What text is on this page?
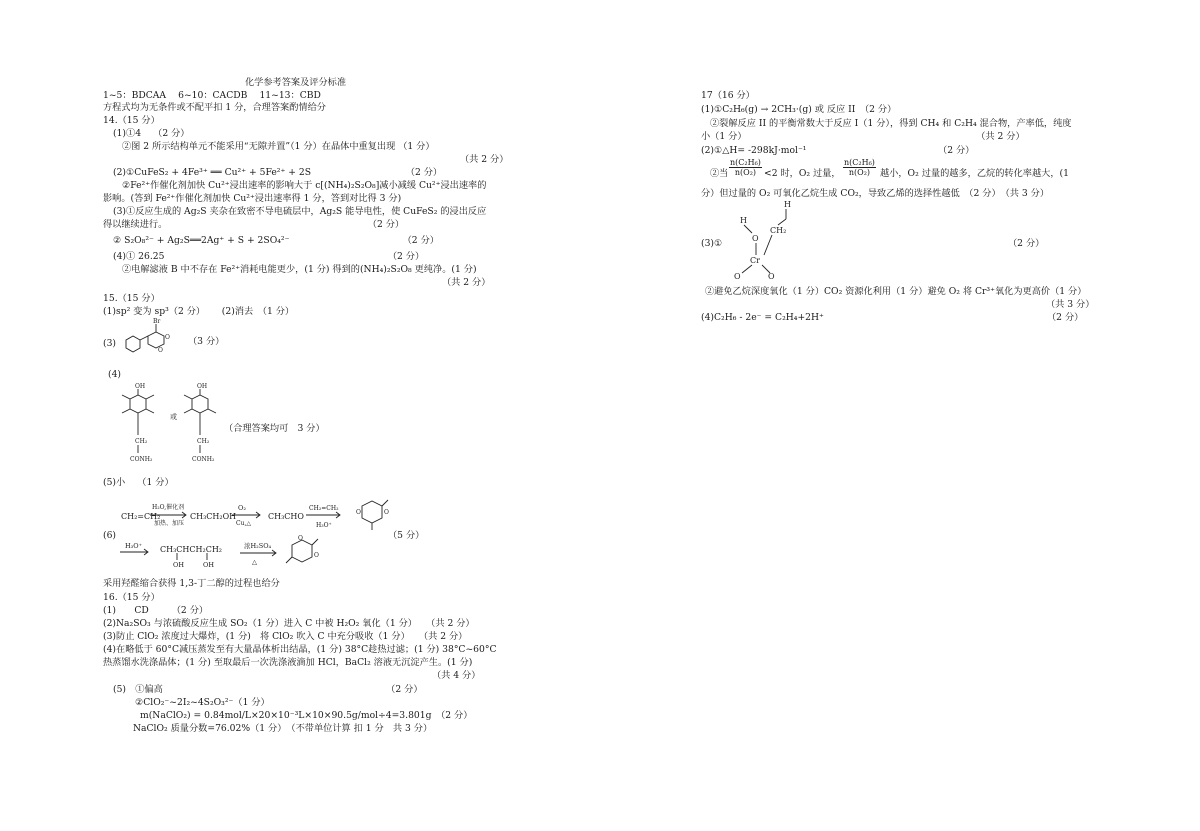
化学参考答案及评分标准
1~5：BDCAA　 6~10：CACDB　 11~13：CBD
方程式均为无条件或不配平扣 1 分，合理答案酌情给分
14.（15 分）
(1)①4　 （2 分）
②图 2 所示结构单元不能采用“无隙并置”（1 分）在晶体中重复出现 （1 分）
（共 2 分）
(2)①CuFeS₂ + 4Fe³⁺ ══ Cu²⁺ + 5Fe²⁺ + 2S　　　　　　　　　　 （2 分）
②Fe²⁺作催化剂加快 Cu²⁺浸出速率的影响大于 c[(NH₄)₂S₂O₈]减小减缓 Cu²⁺浸出速率的
影响。(答到 Fe²⁺作催化剂加快 Cu²⁺浸出速率得 1 分，答到对比得 3 分)
(3)①反应生成的 Ag₂S 夹杂在致密不导电硫层中，Ag₂S 能导电性，使 CuFeS₂ 的浸出反应
得以继续进行。　　　　　　　　　　　　　　　　　　　　　　 （2 分）
② S₂O₈²⁻ + Ag₂S══2Ag⁺ + S + 2SO₄²⁻　　　　　　　　　　　　 （2 分）
(4)① 26.25　　　　　　　　　　　　　　　　　　　　　　　　 （2 分）
②电解滤液 B 中不存在 Fe²⁺消耗电能更少，(1 分) 得到的(NH₄)₂S₂O₈ 更纯净。(1 分)
（共 2 分）
15.（15 分）
(1)sp² 变为 sp³（2 分）　　 (2)消去　（1 分）
(3)
Br
O
O
（3 分）
(4)
OH
CH₂
CONH₂
或
OH
CH₂
CONH₂
（合理答案均可　3 分）
(5)小　 （1 分）
CH₂=CH₂
H₂O,催化剂
加热、加压
CH₃CH₂OH
O₂
Cu,△
CH₃CHO
CH₂=CH₂
H₃O⁺
O
O
(6)	（5 分）
H₃O⁺ CH₃CHCH₂CH₂
OH	OH
浓H₂SO₄
△
O
O
采用羟醛缩合获得 1,3-丁二醇的过程也给分
16.（15 分）
(1)　　CD　　　（2 分）
(2)Na₂SO₃ 与浓硫酸反应生成 SO₂（1 分）进入 C 中被 H₂O₂ 氧化（1 分）　　（共 2 分）
(3)防止 ClO₂ 浓度过大爆炸，(1 分)　将 ClO₂ 吹入 C 中充分吸收（1 分）　　（共 2 分）
(4)在略低于 60°C减压蒸发至有大量晶体析出结晶，(1 分) 38°C趁热过滤；(1 分) 38°C~60°C
热蒸馏水洗涤晶体；(1 分) 至取最后一次洗涤液滴加 HCl，BaCl₂ 溶液无沉淀产生。(1 分)
（共 4 分）
(5)　①偏高　　　　　　　　　　　　　　　　　　　　　　　　 （2 分）
②ClO₂⁻~2I₂~4S₂O₃²⁻（1 分）
m(NaClO₂) = 0.84mol/L×20×10⁻³L×10×90.5g/mol÷4=3.801g　（2 分）
NaClO₂ 质量分数=76.02%（1 分）　（不带单位计算 扣 1 分　共 3 分）
17（16 分）
(1)①C₂H₆(g) → 2CH₃·(g) 或 反应 II　（2 分）
②裂解反应 II 的平衡常数大于反应 I（1 分），得到 CH₄ 和 C₂H₄ 混合物，产率低，纯度
小（1 分）　　　　　　　　　　　　　　　　　　　　　　　　　　（共 2 分）
(2)①△H= -298kJ·mol⁻¹　　　　　　　　　　　　　　 （2 分）
②当 $\frac{\text{n(C₂H₆)}}{\text{n(O₂)}} <2$ 时，O₂ 过量， $\frac{\text{n(C₂H₆)}}{\text{n(O₂)}}$ 越小，O₂ 过量的越多，乙烷的转化率越大，(1
分）但过量的 O₂ 可氧化乙烷生成 CO₂，导致乙烯的选择性越低　（2 分）　（共 3 分）
(3)①
H
O
H
CH₂
Cr
O	O
（2 分）
②避免乙烷深度氧化（1 分）CO₂ 资源化利用（1 分）避免 O₂ 将 Cr³⁺氧化为更高价（1 分）
（共 3 分）
(4)C₂H₆ - 2e⁻ = C₂H₄+2H⁺	（2 分）
